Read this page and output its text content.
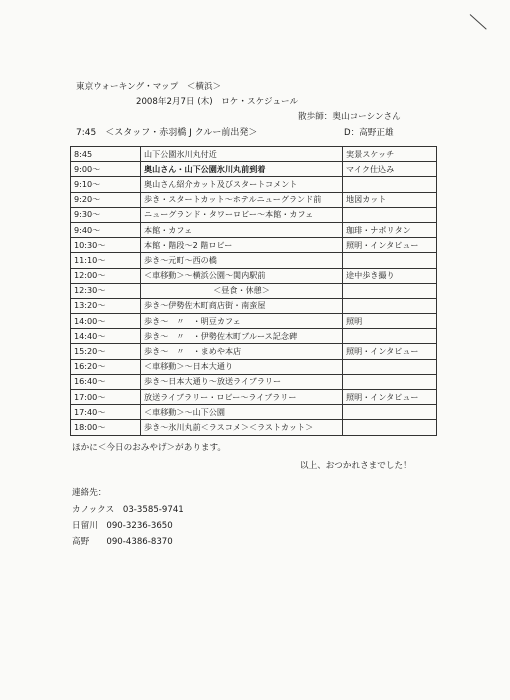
東京ウォーキング・マップ　＜横浜＞
2008年2月7日 (木)　ロケ・スケジュール
散歩師：奥山コーシンさん
7:45　＜スタッフ・赤羽橋 J クルー前出発＞	D：高野正雄
8:45	山下公園氷川丸付近	実景スケッチ
9:00～	奥山さん・山下公園氷川丸前到着	マイク仕込み
9:10～	奥山さん紹介カット及びスタートコメント	
9:20～	歩き・スタートカット～ホテルニューグランド前	地図カット
9:30～	ニューグランド・タワーロビー～本館・カフェ	
9:40～	本館・カフェ	珈琲・ナポリタン
10:30～	本館・階段～2 階ロビー	照明・インタビュー
11:10～	歩き～元町～西の橋	
12:00～	＜車移動＞～横浜公園～関内駅前	途中歩き撮り
12:30～	＜昼食・休憩＞	
13:20～	歩き～伊勢佐木町商店街・南蛮屋	
14:00～	歩き～　〃　・明豆カフェ	照明
14:40～	歩き～　〃　・伊勢佐木町ブルース記念碑	
15:20～	歩き～　〃　・まめや本店	照明・インタビュー
16:20～	＜車移動＞～日本大通り	
16:40～	歩き～日本大通り～放送ライブラリー	
17:00～	放送ライブラリー・ロビー～ライブラリー	照明・インタビュー
17:40～	＜車移動＞～山下公園	
18:00～	歩き～氷川丸前＜ラスコメ＞＜ラストカット＞	
ほかに＜今日のおみやげ＞があります。
以上、おつかれさまでした！
連絡先：
カノックス　03-3585-9741
日留川　090-3236-3650
高野　　090-4386-8370
